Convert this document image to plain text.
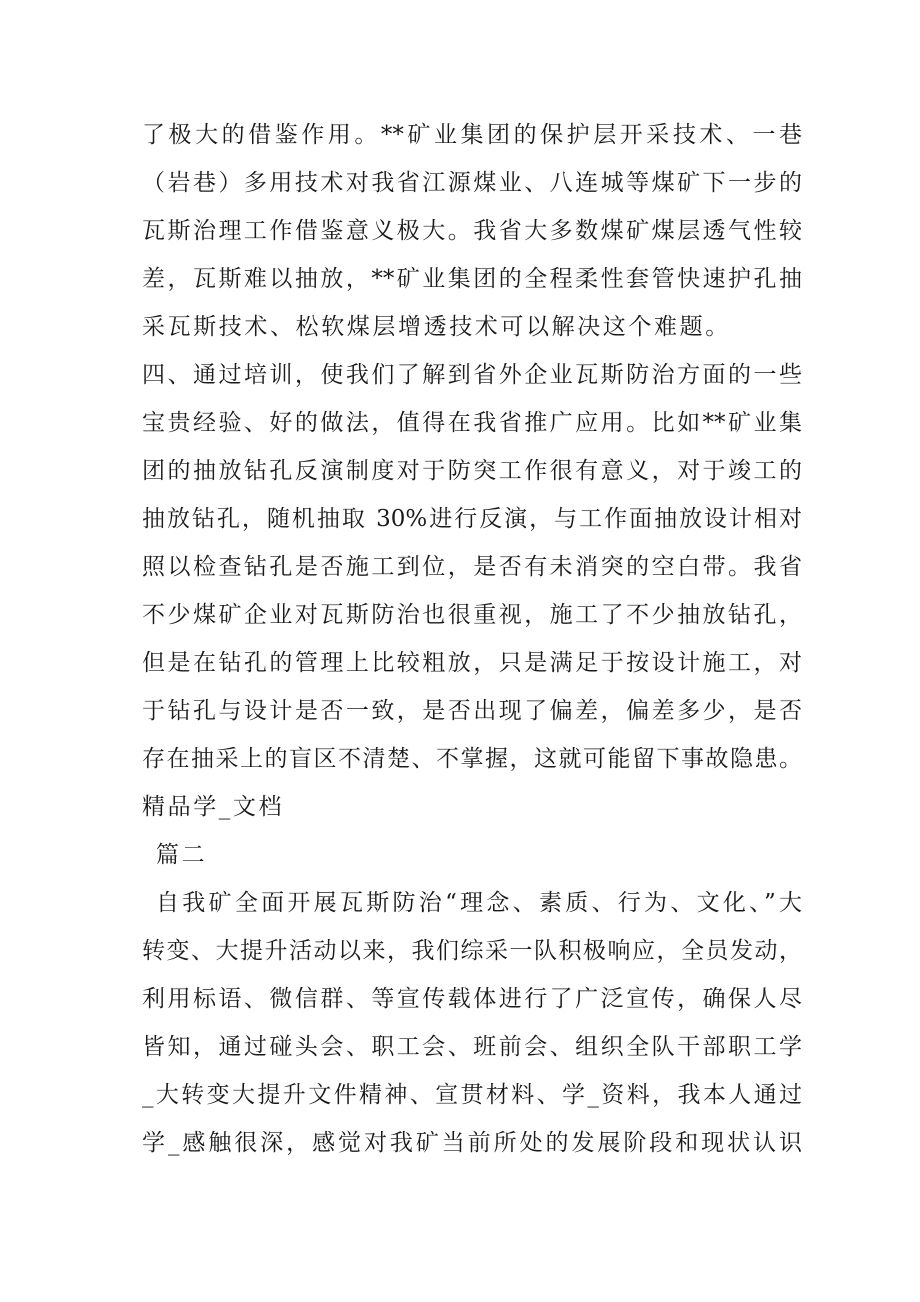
了极大的借鉴作用。**矿业集团的保护层开采技术、一巷
（岩巷）多用技术对我省江源煤业、八连城等煤矿下一步的
瓦斯治理工作借鉴意义极大。我省大多数煤矿煤层透气性较
差，瓦斯难以抽放，**矿业集团的全程柔性套管快速护孔抽
采瓦斯技术、松软煤层增透技术可以解决这个难题。
四、通过培训，使我们了解到省外企业瓦斯防治方面的一些
宝贵经验、好的做法，值得在我省推广应用。比如**矿业集
团的抽放钻孔反演制度对于防突工作很有意义，对于竣工的
抽放钻孔，随机抽取 30%进行反演，与工作面抽放设计相对
照以检查钻孔是否施工到位，是否有未消突的空白带。我省
不少煤矿企业对瓦斯防治也很重视，施工了不少抽放钻孔，
但是在钻孔的管理上比较粗放，只是满足于按设计施工，对
于钻孔与设计是否一致，是否出现了偏差，偏差多少，是否
存在抽采上的盲区不清楚、不掌握，这就可能留下事故隐患。
精品学_文档
篇二
自我矿全面开展瓦斯防治“理念、素质、行为、文化、”大
转变、大提升活动以来，我们综采一队积极响应，全员发动，
利用标语、微信群、等宣传载体进行了广泛宣传，确保人尽
皆知，通过碰头会、职工会、班前会、组织全队干部职工学
_大转变大提升文件精神、宣贯材料、学_资料，我本人通过
学_感触很深，感觉对我矿当前所处的发展阶段和现状认识
